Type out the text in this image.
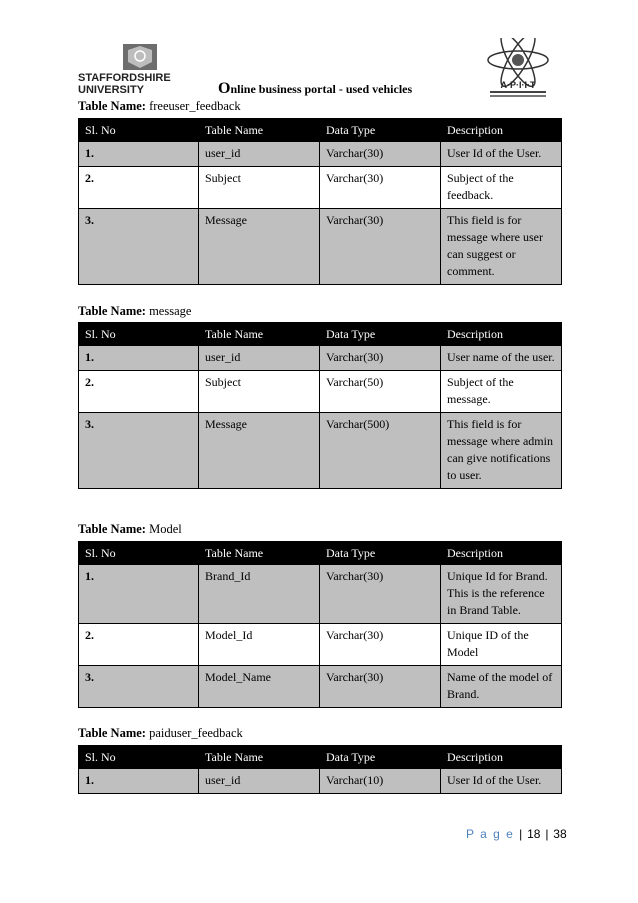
STAFFORDSHIRE
UNIVERSITY	A·P·I·I·T
Online business portal - used vehicles
Table Name: freeuser_feedback
Sl. No	Table Name	Data Type	Description
1.	user_id	Varchar(30)	User Id of the User.
2.	Subject	Varchar(30)	Subject of the feedback.
3.	Message	Varchar(30)	This field is for message where user can suggest or comment.
Table Name: message
Sl. No	Table Name	Data Type	Description
1.	user_id	Varchar(30)	User name of the user.
2.	Subject	Varchar(50)	Subject of the message.
3.	Message	Varchar(500)	This field is for message where admin can give notifications to user.
Table Name: Model
Sl. No	Table Name	Data Type	Description
1.	Brand_Id	Varchar(30)	Unique Id for Brand. This is the reference in Brand Table.
2.	Model_Id	Varchar(30)	Unique ID of the Model
3.	Model_Name	Varchar(30)	Name of the model of Brand.
Table Name: paiduser_feedback
Sl. No	Table Name	Data Type	Description
1.	user_id	Varchar(10)	User Id of the User.
P a g e | 18 | 38
